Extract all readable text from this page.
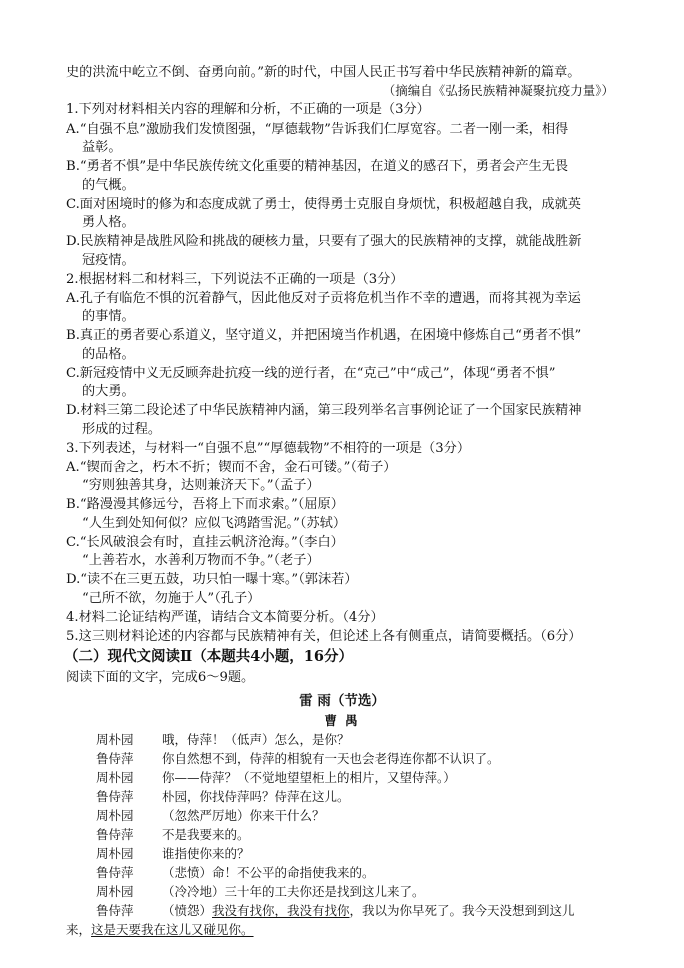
史的洪流中屹立不倒、奋勇向前。”新的时代，中国人民正书写着中华民族精神新的篇章。
（摘编自《弘扬民族精神凝聚抗疫力量》）
1.下列对材料相关内容的理解和分析，不正确的一项是（3分）
A.“自强不息”激励我们发愤图强，“厚德载物”告诉我们仁厚宽容。二者一刚一柔，相得
益彰。
B.“勇者不惧”是中华民族传统文化重要的精神基因，在道义的感召下，勇者会产生无畏
的气概。
C.面对困境时的修为和态度成就了勇士，使得勇士克服自身烦忧，积极超越自我，成就英
勇人格。
D.民族精神是战胜风险和挑战的硬核力量，只要有了强大的民族精神的支撑，就能战胜新
冠疫情。
2.根据材料二和材料三，下列说法不正确的一项是（3分）
A.孔子有临危不惧的沉着静气，因此他反对子贡将危机当作不幸的遭遇，而将其视为幸运
的事情。
B.真正的勇者要心系道义，坚守道义，并把困境当作机遇，在困境中修炼自己“勇者不惧”
的品格。
C.新冠疫情中义无反顾奔赴抗疫一线的逆行者，在“克己”中“成己”，体现“勇者不惧”
的大勇。
D.材料三第二段论述了中华民族精神内涵，第三段列举名言事例论证了一个国家民族精神
形成的过程。
3.下列表述，与材料一“自强不息”“厚德载物”不相符的一项是（3分）
A.“锲而舍之，朽木不折；锲而不舍，金石可镂。”（荀子）
“穷则独善其身，达则兼济天下。”（孟子）
B.“路漫漫其修远兮，吾将上下而求索。”（屈原）
“人生到处知何似？应似飞鸿踏雪泥。”（苏轼）
C.“长风破浪会有时，直挂云帆济沧海。”（李白）
“上善若水，水善利万物而不争。”（老子）
D.“读不在三更五鼓，功只怕一曝十寒。”（郭沫若）
“己所不欲，勿施于人”（孔子）
4.材料二论证结构严谨，请结合文本简要分析。（4分）
5.这三则材料论述的内容都与民族精神有关，但论述上各有侧重点，请简要概括。（6分）
（二）现代文阅读Ⅱ（本题共4小题，16分）
阅读下面的文字，完成6～9题。
雷 雨（节选）
曹 禺
周朴园 哦，侍萍！（低声）怎么，是你？
鲁侍萍 你自然想不到，侍萍的相貌有一天也会老得连你都不认识了。
周朴园 你——侍萍？（不觉地望望柜上的相片，又望侍萍。）
鲁侍萍 朴园，你找侍萍吗？侍萍在这儿。
周朴园 （忽然严厉地）你来干什么？
鲁侍萍 不是我要来的。
周朴园 谁指使你来的？
鲁侍萍 （悲愤）命！不公平的命指使我来的。
周朴园 （冷冷地）三十年的工夫你还是找到这儿来了。
鲁侍萍 （愤怨）我没有找你，我没有找你，我以为你早死了。我今天没想到到这儿
来，这是天要我在这儿又碰见你。
